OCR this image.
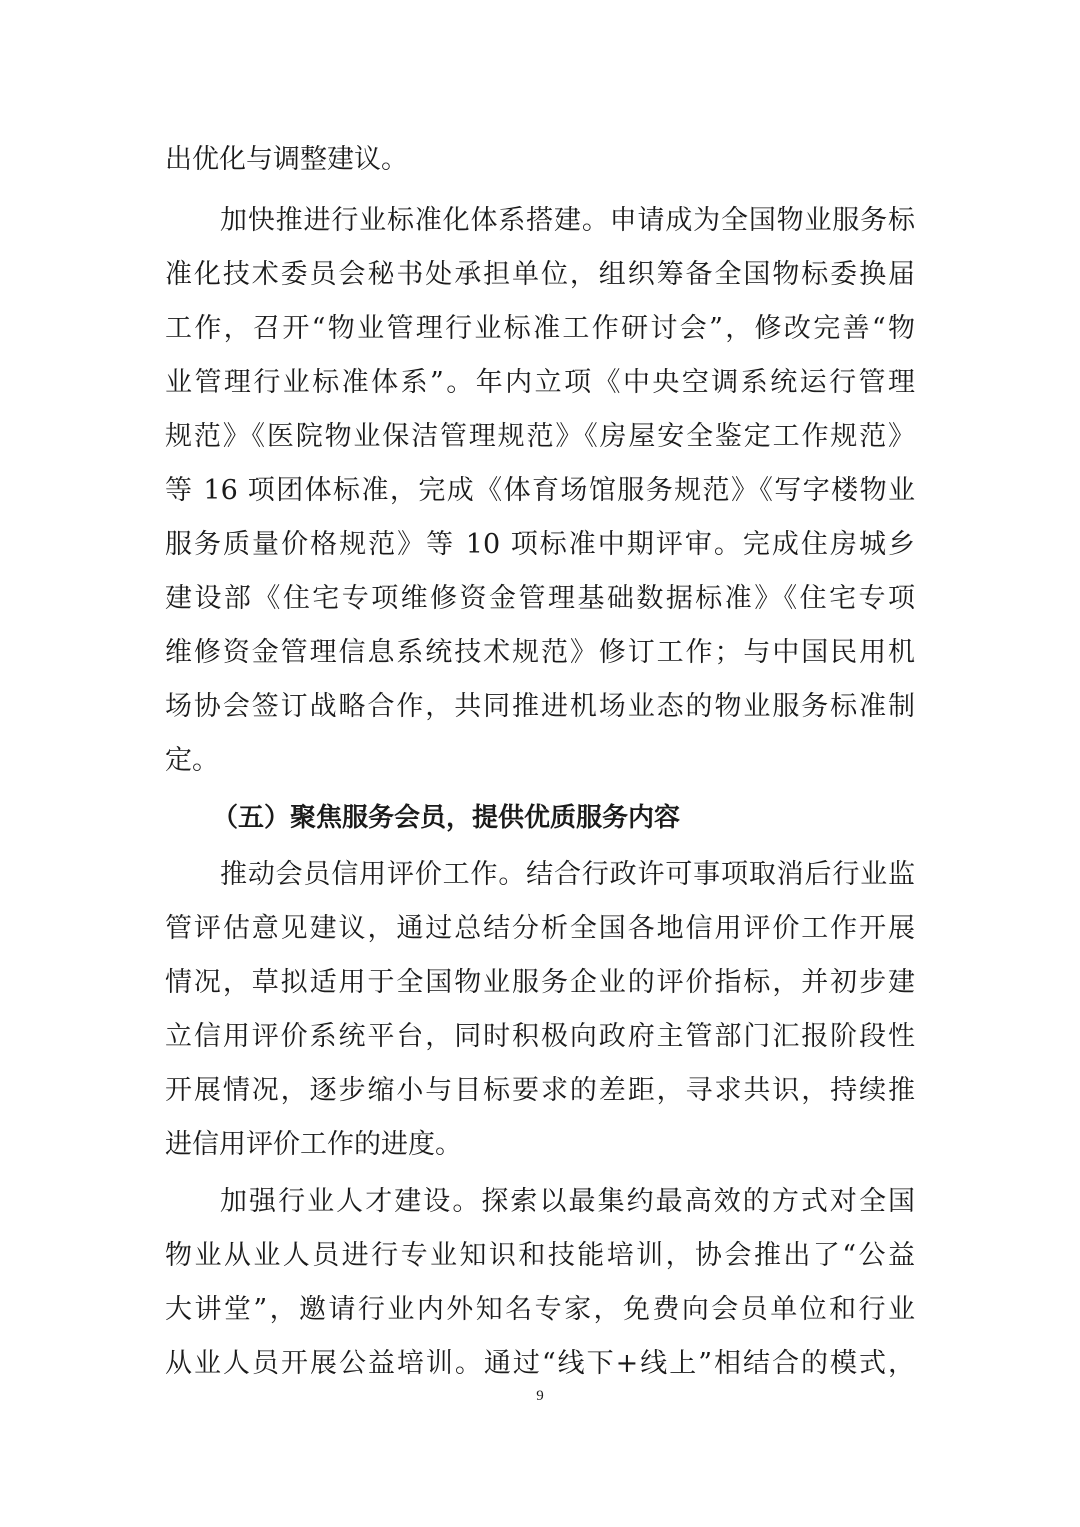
出优化与调整建议。
加快推进行业标准化体系搭建。申请成为全国物业服务标
准化技术委员会秘书处承担单位，组织筹备全国物标委换届
工作，召开“物业管理行业标准工作研讨会”，修改完善“物
业管理行业标准体系”。年内立项《中央空调系统运行管理
规范》《医院物业保洁管理规范》《房屋安全鉴定工作规范》
等 16 项团体标准，完成《体育场馆服务规范》《写字楼物业
服务质量价格规范》等 10 项标准中期评审。完成住房城乡
建设部《住宅专项维修资金管理基础数据标准》《住宅专项
维修资金管理信息系统技术规范》修订工作；与中国民用机
场协会签订战略合作，共同推进机场业态的物业服务标准制
定。
（五）聚焦服务会员，提供优质服务内容
推动会员信用评价工作。结合行政许可事项取消后行业监
管评估意见建议，通过总结分析全国各地信用评价工作开展
情况，草拟适用于全国物业服务企业的评价指标，并初步建
立信用评价系统平台，同时积极向政府主管部门汇报阶段性
开展情况，逐步缩小与目标要求的差距，寻求共识，持续推
进信用评价工作的进度。
加强行业人才建设。探索以最集约最高效的方式对全国
物业从业人员进行专业知识和技能培训，协会推出了“公益
大讲堂”，邀请行业内外知名专家，免费向会员单位和行业
从业人员开展公益培训。通过“线下+线上”相结合的模式，
9
